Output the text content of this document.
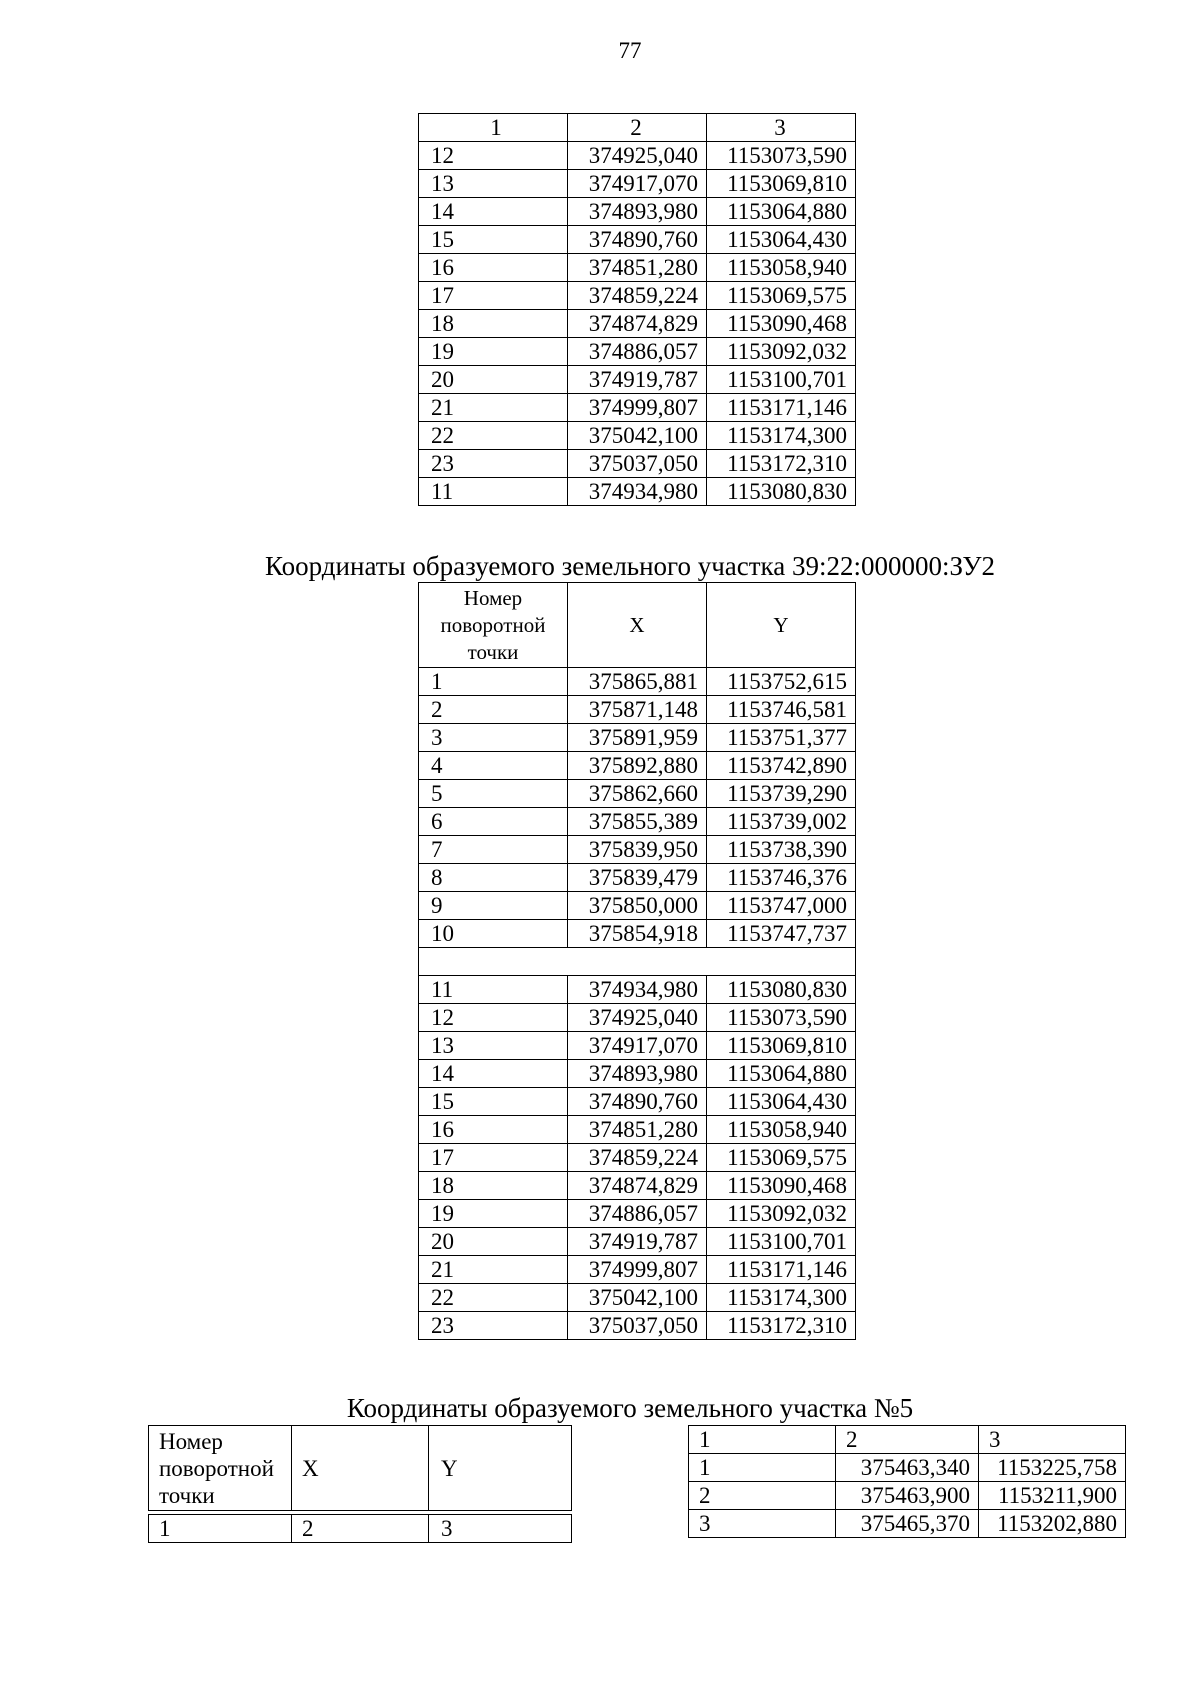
77
1	2	3
12	374925,040	1153073,590
13	374917,070	1153069,810
14	374893,980	1153064,880
15	374890,760	1153064,430
16	374851,280	1153058,940
17	374859,224	1153069,575
18	374874,829	1153090,468
19	374886,057	1153092,032
20	374919,787	1153100,701
21	374999,807	1153171,146
22	375042,100	1153174,300
23	375037,050	1153172,310
11	374934,980	1153080,830
Координаты образуемого земельного участка 39:22:000000:ЗУ2
Номер
поворотной
точки	X	Y
1	375865,881	1153752,615
2	375871,148	1153746,581
3	375891,959	1153751,377
4	375892,880	1153742,890
5	375862,660	1153739,290
6	375855,389	1153739,002
7	375839,950	1153738,390
8	375839,479	1153746,376
9	375850,000	1153747,000
10	375854,918	1153747,737

11	374934,980	1153080,830
12	374925,040	1153073,590
13	374917,070	1153069,810
14	374893,980	1153064,880
15	374890,760	1153064,430
16	374851,280	1153058,940
17	374859,224	1153069,575
18	374874,829	1153090,468
19	374886,057	1153092,032
20	374919,787	1153100,701
21	374999,807	1153171,146
22	375042,100	1153174,300
23	375037,050	1153172,310
Координаты образуемого земельного участка №5
Номер
поворотной
точки	X	Y

1	2	3
1	2	3
1	375463,340	1153225,758
2	375463,900	1153211,900
3	375465,370	1153202,880
